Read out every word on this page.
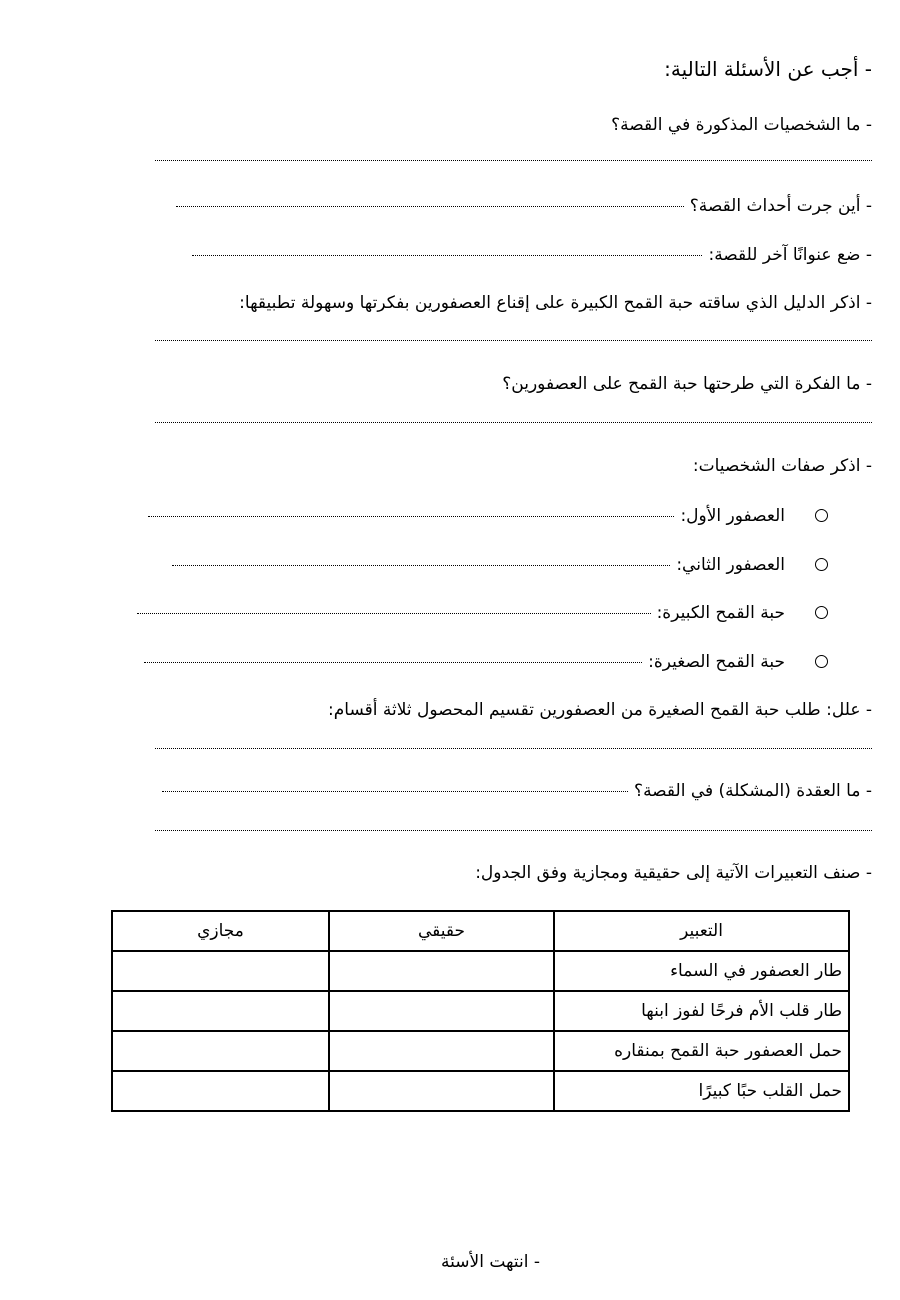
- أجب عن الأسئلة التالية:
- ما الشخصيات المذكورة في القصة؟
- أين جرت أحداث القصة؟
- ضع عنوانًا آخر للقصة:
- اذكر الدليل الذي ساقته حبة القمح الكبيرة على إقناع العصفورين بفكرتها وسهولة تطبيقها:
- ما الفكرة التي طرحتها حبة القمح على العصفورين؟
- اذكر صفات الشخصيات:
العصفور الأول:
العصفور الثاني:
حبة القمح الكبيرة:
حبة القمح الصغيرة:
- علل: طلب حبة القمح الصغيرة من العصفورين تقسيم المحصول ثلاثة أقسام:
- ما العقدة (المشكلة) في القصة؟
- صنف التعبيرات الآتية إلى حقيقية ومجازية وفق الجدول:
التعبير	حقيقي	مجازي
طار العصفور في السماء		
طار قلب الأم فرحًا لفوز ابنها		
حمل العصفور حبة القمح بمنقاره		
حمل القلب حبًا كبيرًا		
- انتهت الأسئة
